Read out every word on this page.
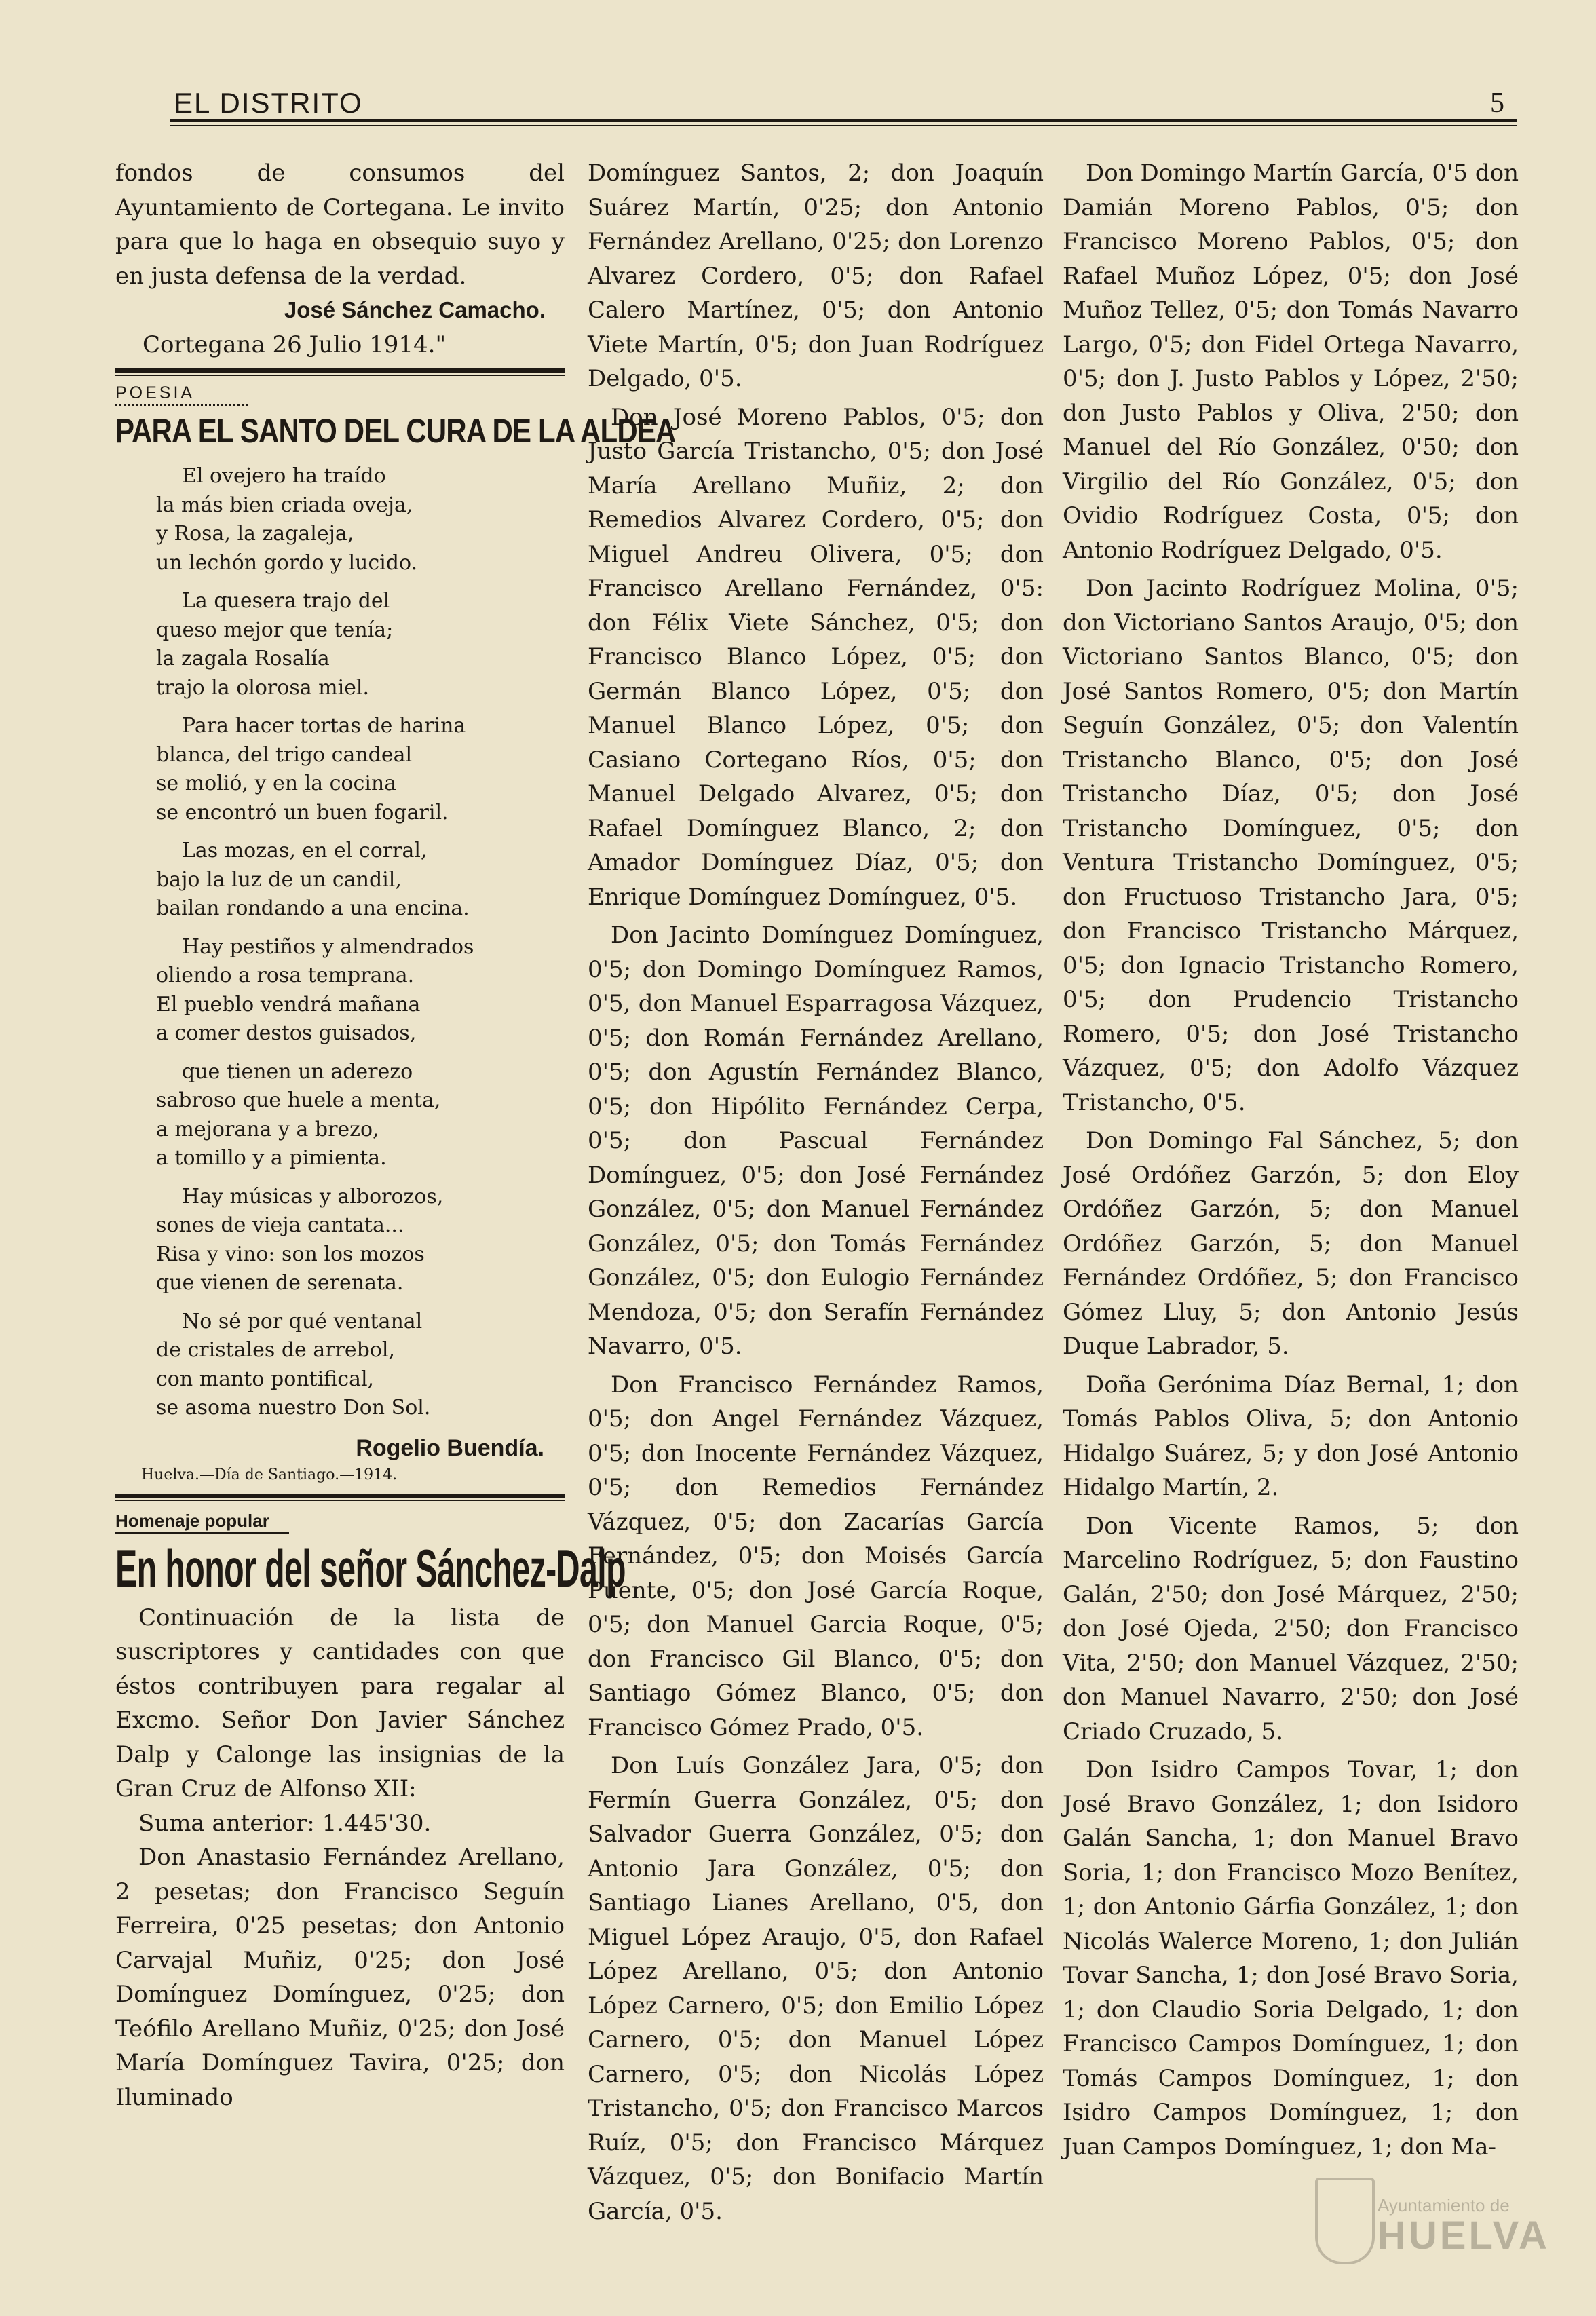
EL DISTRITO	5

fondos de consumos del Ayuntamiento de Cortegana. Le invito para que lo haga en obsequio suyo y en justa defensa de la verdad.

José Sánchez Camacho.
Cortegana 26 Julio 1914."
POESIA
PARA EL SANTO DEL CURA DE LA ALDEA
El ovejero ha traído
la más bien criada oveja,
y Rosa, la zagaleja,
un lechón gordo y lucido.
La quesera trajo del
queso mejor que tenía;
la zagala Rosalía
trajo la olorosa miel.
Para hacer tortas de harina
blanca, del trigo candeal
se molió, y en la cocina
se encontró un buen fogaril.
Las mozas, en el corral,
bajo la luz de un candil,
bailan rondando a una encina.
Hay pestiños y almendrados
oliendo a rosa temprana.
El pueblo vendrá mañana
a comer destos guisados,
que tienen un aderezo
sabroso que huele a menta,
a mejorana y a brezo,
a tomillo y a pimienta.
Hay músicas y alborozos,
sones de vieja cantata...
Risa y vino: son los mozos
que vienen de serenata.
No sé por qué ventanal
de cristales de arrebol,
con manto pontifical,
se asoma nuestro Don Sol.
Rogelio Buendía.
Huelva.—Día de Santiago.—1914.
Homenaje popular
En honor del señor Sánchez-Dalp

Continuación de la lista de suscriptores y cantidades con que éstos contribuyen para regalar al Excmo. Señor Don Javier Sánchez Dalp y Calonge las insignias de la Gran Cruz de Alfonso XII:

Suma anterior: 1.445'30.

Don Anastasio Fernández Arellano, 2 pesetas; don Francisco Seguín Ferreira, 0'25 pesetas; don Antonio Carvajal Muñiz, 0'25; don José Domínguez Domínguez, 0'25; don Teófilo Arellano Muñiz, 0'25; don José María Domínguez Tavira, 0'25; don Iluminado

Domínguez Santos, 2; don Joaquín Suárez Martín, 0'25; don Antonio Fernández Arellano, 0'25; don Lorenzo Alvarez Cordero, 0'5; don Rafael Calero Martínez, 0'5; don Antonio Viete Martín, 0'5; don Juan Rodríguez Delgado, 0'5.

Don José Moreno Pablos, 0'5; don Justo García Tristancho, 0'5; don José María Arellano Muñiz, 2; don Remedios Alvarez Cordero, 0'5; don Miguel Andreu Olivera, 0'5; don Francisco Arellano Fernández, 0'5: don Félix Viete Sánchez, 0'5; don Francisco Blanco López, 0'5; don Germán Blanco López, 0'5; don Manuel Blanco López, 0'5; don Casiano Cortegano Ríos, 0'5; don Manuel Delgado Alvarez, 0'5; don Rafael Domínguez Blanco, 2; don Amador Domínguez Díaz, 0'5; don Enrique Domínguez Domínguez, 0'5.

Don Jacinto Domínguez Domínguez, 0'5; don Domingo Domínguez Ramos, 0'5, don Manuel Esparragosa Vázquez, 0'5; don Román Fernández Arellano, 0'5; don Agustín Fernández Blanco, 0'5; don Hipólito Fernández Cerpa, 0'5; don Pascual Fernández Domínguez, 0'5; don José Fernández González, 0'5; don Manuel Fernández González, 0'5; don Tomás Fernández González, 0'5; don Eulogio Fernández Mendoza, 0'5; don Serafín Fernández Navarro, 0'5.

Don Francisco Fernández Ramos, 0'5; don Angel Fernández Vázquez, 0'5; don Inocente Fernández Vázquez, 0'5; don Remedios Fernández Vázquez, 0'5; don Zacarías García Fernández, 0'5; don Moisés García Puente, 0'5; don José García Roque, 0'5; don Manuel Garcia Roque, 0'5; don Francisco Gil Blanco, 0'5; don Santiago Gómez Blanco, 0'5; don Francisco Gómez Prado, 0'5.

Don Luís González Jara, 0'5; don Fermín Guerra González, 0'5; don Salvador Guerra González, 0'5; don Antonio Jara González, 0'5; don Santiago Lianes Arellano, 0'5, don Miguel López Araujo, 0'5, don Rafael López Arellano, 0'5; don Antonio López Carnero, 0'5; don Emilio López Carnero, 0'5; don Manuel López Carnero, 0'5; don Nicolás López Tristancho, 0'5; don Francisco Marcos Ruíz, 0'5; don Francisco Márquez Vázquez, 0'5; don Bonifacio Martín García, 0'5.

Don Domingo Martín García, 0'5 don Damián Moreno Pablos, 0'5; don Francisco Moreno Pablos, 0'5; don Rafael Muñoz López, 0'5; don José Muñoz Tellez, 0'5; don Tomás Navarro Largo, 0'5; don Fidel Ortega Navarro, 0'5; don J. Justo Pablos y López, 2'50; don Justo Pablos y Oliva, 2'50; don Manuel del Río González, 0'50; don Virgilio del Río González, 0'5; don Ovidio Rodríguez Costa, 0'5; don Antonio Rodríguez Delgado, 0'5.

Don Jacinto Rodríguez Molina, 0'5; don Victoriano Santos Araujo, 0'5; don Victoriano Santos Blanco, 0'5; don José Santos Romero, 0'5; don Martín Seguín González, 0'5; don Valentín Tristancho Blanco, 0'5; don José Tristancho Díaz, 0'5; don José Tristancho Domínguez, 0'5; don Ventura Tristancho Domínguez, 0'5; don Fructuoso Tristancho Jara, 0'5; don Francisco Tristancho Márquez, 0'5; don Ignacio Tristancho Romero, 0'5; don Prudencio Tristancho Romero, 0'5; don José Tristancho Vázquez, 0'5; don Adolfo Vázquez Tristancho, 0'5.

Don Domingo Fal Sánchez, 5; don José Ordóñez Garzón, 5; don Eloy Ordóñez Garzón, 5; don Manuel Ordóñez Garzón, 5; don Manuel Fernández Ordóñez, 5; don Francisco Gómez Lluy, 5; don Antonio Jesús Duque Labrador, 5.

Doña Gerónima Díaz Bernal, 1; don Tomás Pablos Oliva, 5; don Antonio Hidalgo Suárez, 5; y don José Antonio Hidalgo Martín, 2.

Don Vicente Ramos, 5; don Marcelino Rodríguez, 5; don Faustino Galán, 2'50; don José Márquez, 2'50; don José Ojeda, 2'50; don Francisco Vita, 2'50; don Manuel Vázquez, 2'50; don Manuel Navarro, 2'50; don José Criado Cruzado, 5.

Don Isidro Campos Tovar, 1; don José Bravo González, 1; don Isidoro Galán Sancha, 1; don Manuel Bravo Soria, 1; don Francisco Mozo Benítez, 1; don Antonio Gárfia González, 1; don Nicolás Walerce Moreno, 1; don Julián Tovar Sancha, 1; don José Bravo Soria, 1; don Claudio Soria Delgado, 1; don Francisco Campos Domínguez, 1; don Tomás Campos Domínguez, 1; don Isidro Campos Domínguez, 1; don Juan Campos Domínguez, 1; don Ma-

Ayuntamiento de
HUELVA
